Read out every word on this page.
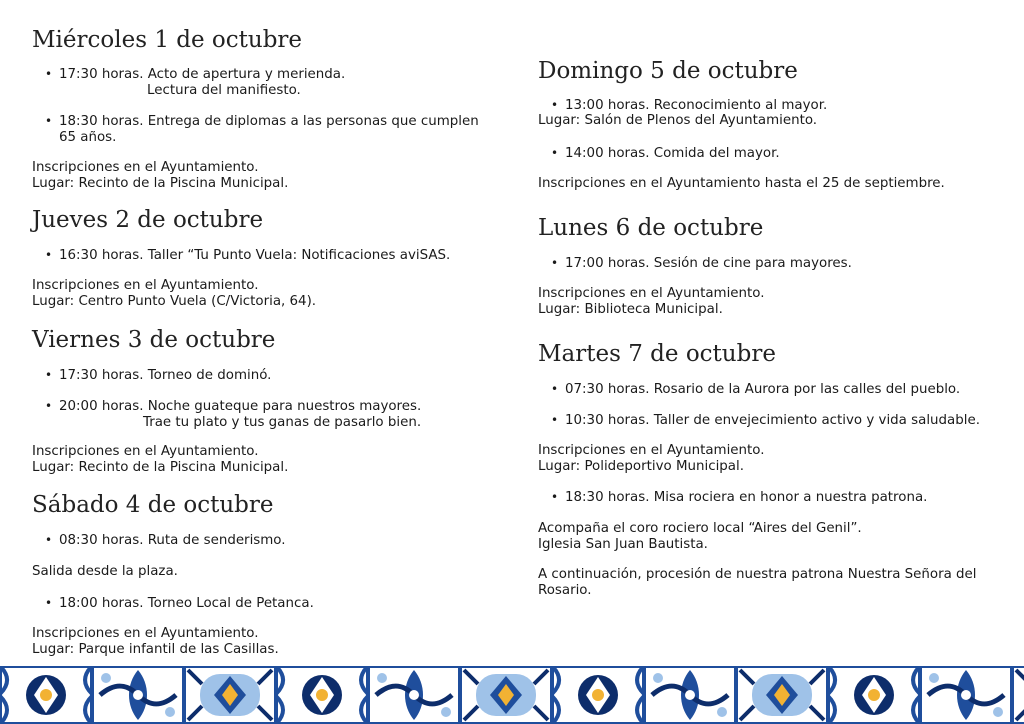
Miércoles 1 de octubre
• 17:30 horas. Acto de apertura y merienda.
Lectura del manifiesto.
• 18:30 horas. Entrega de diplomas a las personas que cumplen
65 años.
Inscripciones en el Ayuntamiento.
Lugar: Recinto de la Piscina Municipal.
Jueves 2 de octubre
• 16:30 horas. Taller “Tu Punto Vuela: Notificaciones aviSAS.
Inscripciones en el Ayuntamiento.
Lugar: Centro Punto Vuela (C/Victoria, 64).
Viernes 3 de octubre
• 17:30 horas. Torneo de dominó.
• 20:00 horas. Noche guateque para nuestros mayores.
Trae tu plato y tus ganas de pasarlo bien.
Inscripciones en el Ayuntamiento.
Lugar: Recinto de la Piscina Municipal.
Sábado 4 de octubre
• 08:30 horas. Ruta de senderismo.
Salida desde la plaza.
• 18:00 horas. Torneo Local de Petanca.
Inscripciones en el Ayuntamiento.
Lugar: Parque infantil de las Casillas.
Domingo 5 de octubre
• 13:00 horas. Reconocimiento al mayor.
Lugar: Salón de Plenos del Ayuntamiento.
• 14:00 horas. Comida del mayor.
Inscripciones en el Ayuntamiento hasta el 25 de septiembre.
Lunes 6 de octubre
• 17:00 horas. Sesión de cine para mayores.
Inscripciones en el Ayuntamiento.
Lugar: Biblioteca Municipal.
Martes 7 de octubre
• 07:30 horas. Rosario de la Aurora por las calles del pueblo.
• 10:30 horas. Taller de envejecimiento activo y vida saludable.
Inscripciones en el Ayuntamiento.
Lugar: Polideportivo Municipal.
• 18:30 horas. Misa rociera en honor a nuestra patrona.
Acompaña el coro rociero local “Aires del Genil”.
Iglesia San Juan Bautista.
A continuación, procesión de nuestra patrona Nuestra Señora del
Rosario.
